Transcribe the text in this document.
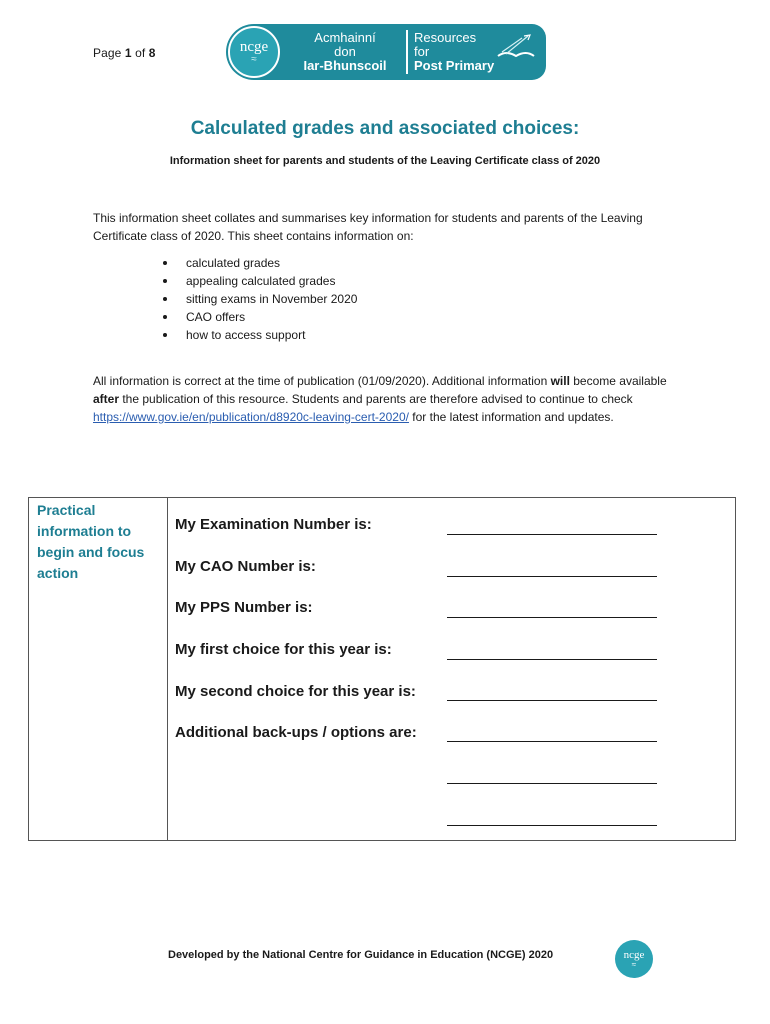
Page 1 of 8	ncge
≈
Acmhainní
don
Iar-Bhunscoil
Resources
for
Post Primary
Calculated grades and associated choices:
Information sheet for parents and students of the Leaving Certificate class of 2020
This information sheet collates and summarises key information for students and parents of the Leaving Certificate class of 2020. This sheet contains information on:
calculated grades
appealing calculated grades
sitting exams in November 2020
CAO offers
how to access support
All information is correct at the time of publication (01/09/2020). Additional information will become available after the publication of this resource. Students and parents are therefore advised to continue to check https://www.gov.ie/en/publication/d8920c-leaving-cert-2020/ for the latest information and updates.
Practical information to begin and focus action
My Examination Number is:
My CAO Number is:
My PPS Number is:
My first choice for this year is:
My second choice for this year is:
Additional back-ups / options are:
Developed by the National Centre for Guidance in Education (NCGE) 2020	ncge
≈
